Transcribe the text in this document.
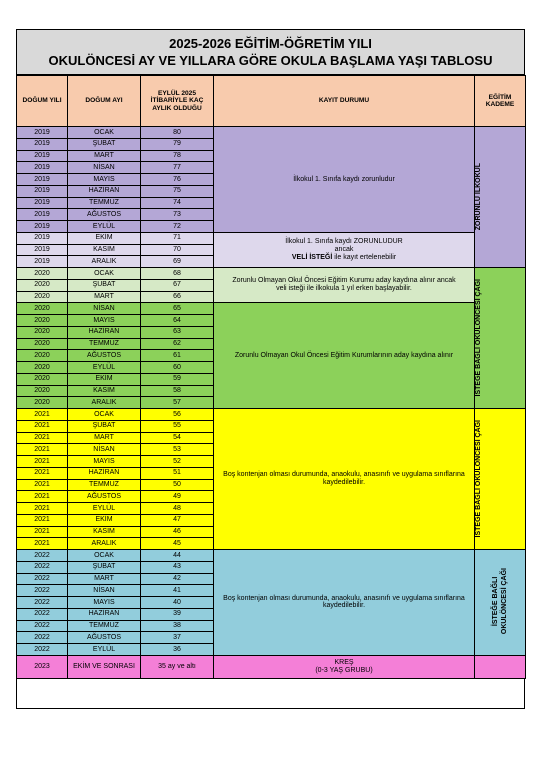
2025-2026 EĞİTİM-ÖĞRETİM YILI
OKULÖNCESİ AY VE YILLARA GÖRE OKULA BAŞLAMA YAŞI TABLOSU
DOĞUM YILI	DOĞUM AYI	EYLÜL 2025 İTİBARİYLE KAÇ AYLIK OLDUĞU	KAYIT DURUMU	EĞİTİM KADEME
2019	OCAK	80	İlkokul 1. Sınıfa kaydı zorunludur	ZORUNLU İLKOKUL

2019	ŞUBAT	79		
2019	MART	78		
2019	NİSAN	77		
2019	MAYIS	76		
2019	HAZİRAN	75		
2019	TEMMUZ	74		
2019	AĞUSTOS	73		
2019	EYLÜL	72		
2019	EKİM	71	İlkokul 1. Sınıfa kaydı ZORUNLUDUR
ancak
VELİ İSTEĞİ ile kayıt ertelenebilir	
2019	KASIM	70		
2019	ARALIK	69		
2020	OCAK	68	Zorunlu Olmayan Okul Öncesi Eğitim Kurumu aday kaydına alınır ancak
veli isteği ile ilkokula 1 yıl erken başlayabilir.	İSTEĞE BAĞLI OKULÖNCESİ ÇAĞI

2020	ŞUBAT	67		
2020	MART	66		
2020	NİSAN	65	Zorunlu Olmayan Okul Öncesi Eğitim Kurumlarının aday kaydına alınır	
2020	MAYIS	64		
2020	HAZİRAN	63		
2020	TEMMUZ	62		
2020	AĞUSTOS	61		
2020	EYLÜL	60		
2020	EKİM	59		
2020	KASIM	58		
2020	ARALIK	57		
2021	OCAK	56	Boş kontenjan olması durumunda, anaokulu, anasınıfı ve uygulama sınıflarına kaydedilebilir.	İSTEĞE BAĞLI OKULÖNCESİ ÇAĞI

2021	ŞUBAT	55		
2021	MART	54		
2021	NİSAN	53		
2021	MAYIS	52		
2021	HAZİRAN	51		
2021	TEMMUZ	50		
2021	AĞUSTOS	49		
2021	EYLÜL	48		
2021	EKİM	47		
2021	KASIM	46		
2021	ARALIK	45		
2022	OCAK	44	Boş kontenjan olması durumunda, anaokulu, anasınıfı ve uygulama sınıflarına kaydedilebilir.	İSTEĞE BAĞLI OKULÖNCESİ ÇAĞI
2022	ŞUBAT	43		
2022	MART	42		
2022	NİSAN	41		
2022	MAYIS	40		
2022	HAZİRAN	39		
2022	TEMMUZ	38		
2022	AĞUSTOS	37		
2022	EYLÜL	36		
2023	EKİM VE SONRASI	35 ay ve altı	KREŞ
(0-3 YAŞ GRUBU)	
